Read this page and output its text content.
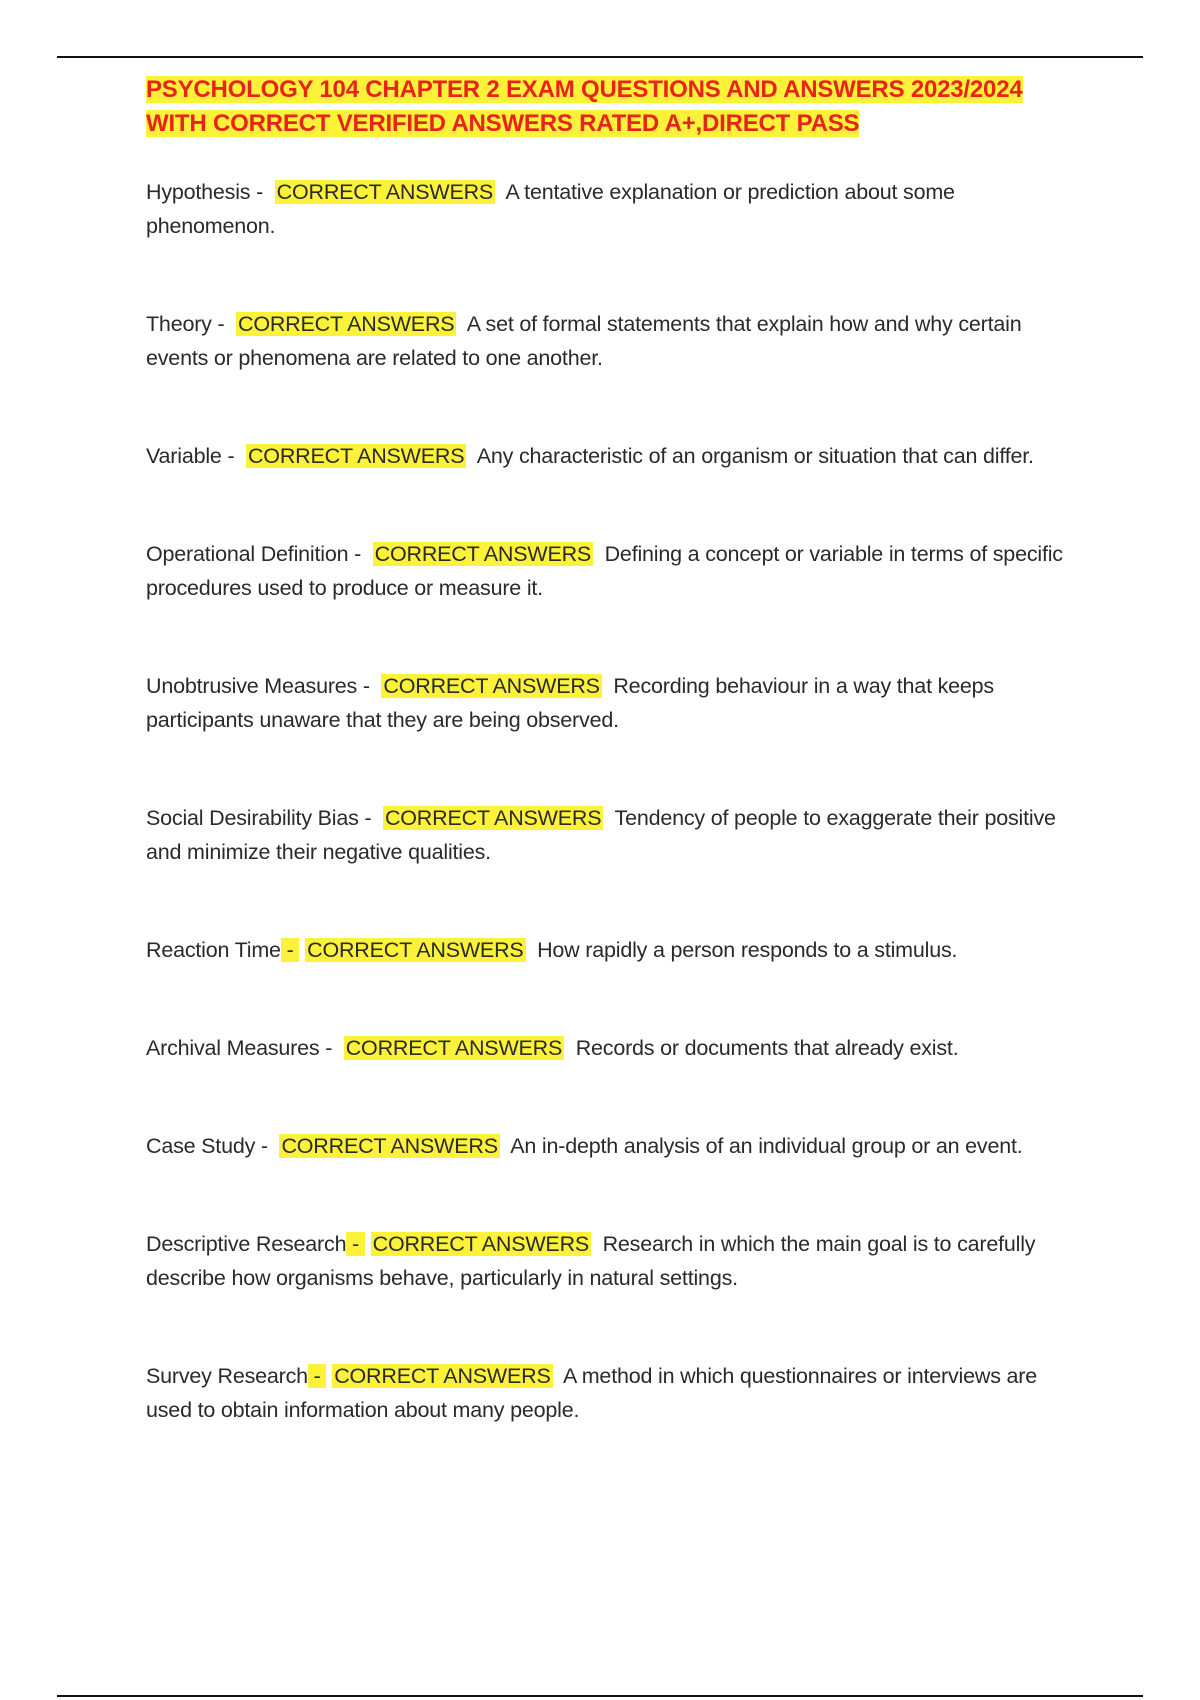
PSYCHOLOGY 104 CHAPTER 2 EXAM QUESTIONS AND ANSWERS 2023/2024
WITH CORRECT VERIFIED ANSWERS RATED A+,DIRECT PASS

Hypothesis -  CORRECT ANSWERS A tentative explanation or prediction about some phenomenon.

Theory -  CORRECT ANSWERS A set of formal statements that explain how and why certain events or phenomena are related to one another.

Variable -  CORRECT ANSWERS Any characteristic of an organism or situation that can differ.

Operational Definition -  CORRECT ANSWERS Defining a concept or variable in terms of specific procedures used to produce or measure it.

Unobtrusive Measures -  CORRECT ANSWERS Recording behaviour in a way that keeps participants unaware that they are being observed.

Social Desirability Bias -  CORRECT ANSWERS Tendency of people to exaggerate their positive and minimize their negative qualities.

Reaction Time -  CORRECT ANSWERS How rapidly a person responds to a stimulus.

Archival Measures -  CORRECT ANSWERS Records or documents that already exist.

Case Study -  CORRECT ANSWERS An in-depth analysis of an individual group or an event.

Descriptive Research -  CORRECT ANSWERS Research in which the main goal is to carefully describe how organisms behave, particularly in natural settings.

Survey Research -  CORRECT ANSWERS A method in which questionnaires or interviews are used to obtain information about many people.
